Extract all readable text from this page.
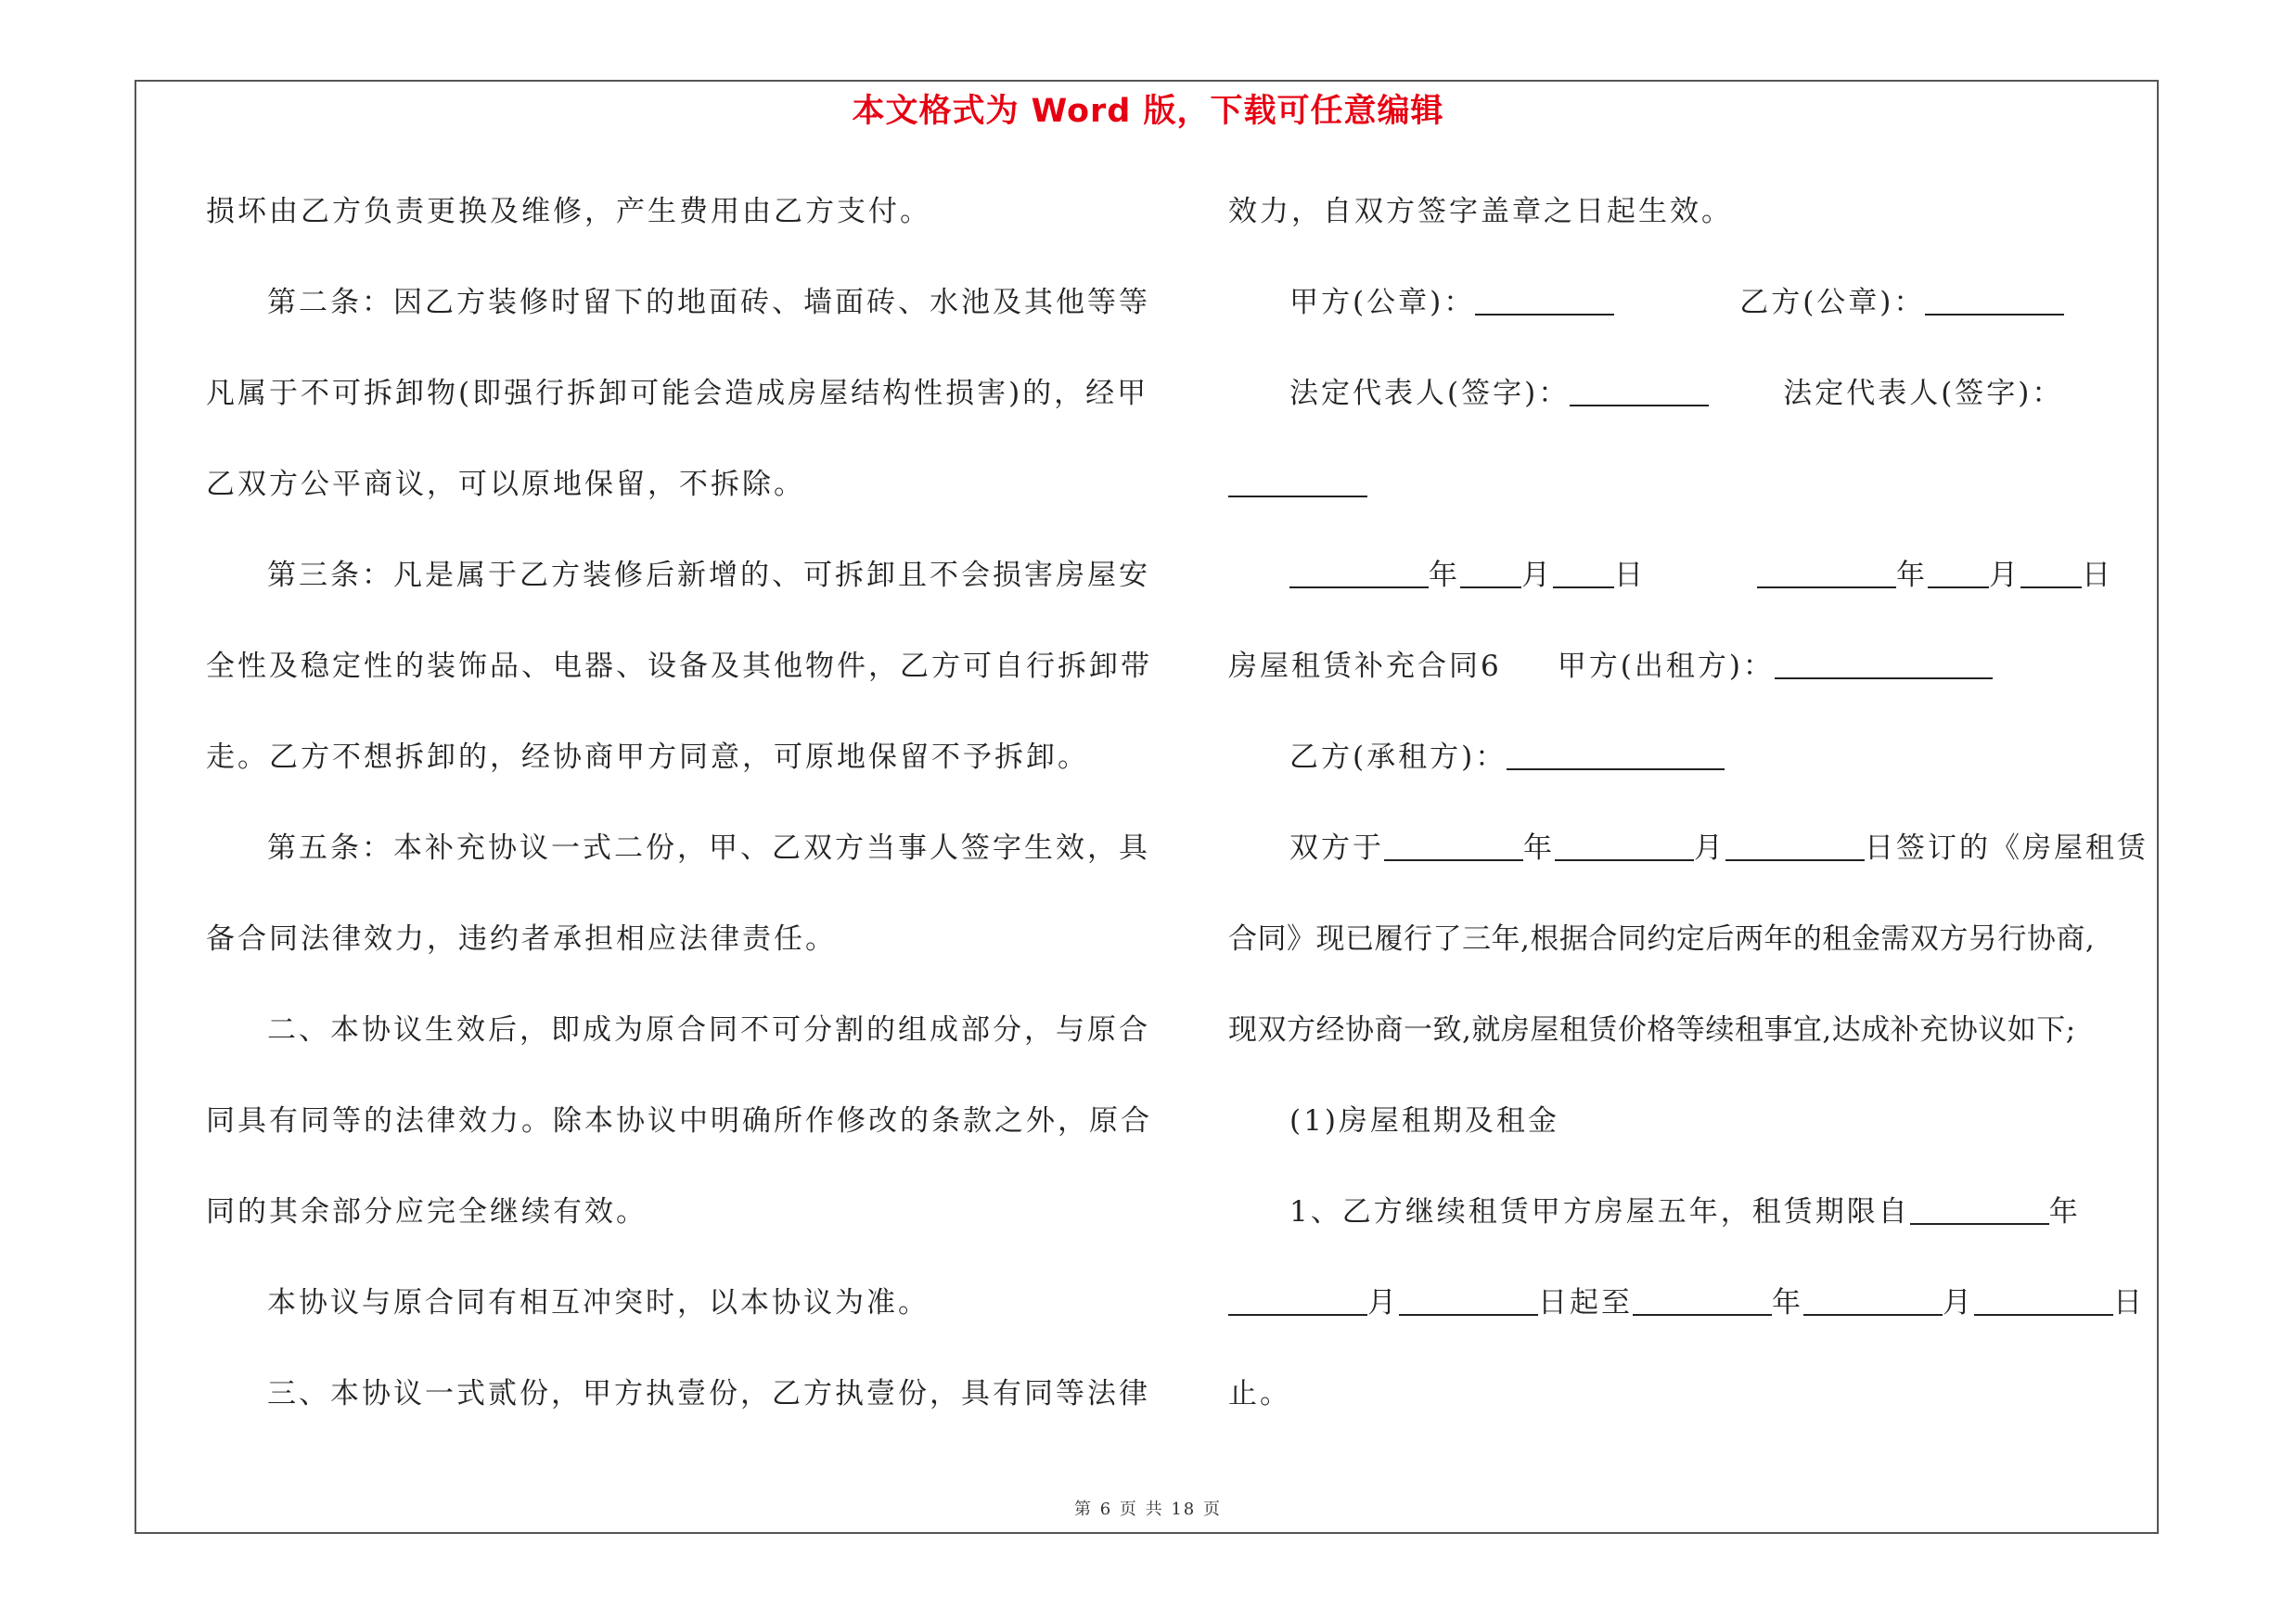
本文格式为 Word 版，下载可任意编辑
损坏由乙方负责更换及维修，产生费用由乙方支付。
第二条：因乙方装修时留下的地面砖、墙面砖、水池及其他等等
凡属于不可拆卸物(即强行拆卸可能会造成房屋结构性损害)的，经甲
乙双方公平商议，可以原地保留，不拆除。
第三条：凡是属于乙方装修后新增的、可拆卸且不会损害房屋安
全性及稳定性的装饰品、电器、设备及其他物件，乙方可自行拆卸带
走。乙方不想拆卸的，经协商甲方同意，可原地保留不予拆卸。
第五条：本补充协议一式二份，甲、乙双方当事人签字生效，具
备合同法律效力，违约者承担相应法律责任。
二、本协议生效后，即成为原合同不可分割的组成部分，与原合
同具有同等的法律效力。除本协议中明确所作修改的条款之外，原合
同的其余部分应完全继续有效。
本协议与原合同有相互冲突时，以本协议为准。
三、本协议一式贰份，甲方执壹份，乙方执壹份，具有同等法律
效力，自双方签字盖章之日起生效。
甲方(公章)：	乙方(公章)：
法定代表人(签字)：	法定代表人(签字)：
年 月 日	年 月 日
房屋租赁补充合同6 甲方(出租方)：
乙方(承租方)：
双方于	年	月	日签订的《房屋租赁
合同》现已履行了三年,根据合同约定后两年的租金需双方另行协商,
现双方经协商一致,就房屋租赁价格等续租事宜,达成补充协议如下;
(1)房屋租期及租金
1、乙方继续租赁甲方房屋五年，租赁期限自	年
月	日起至	年	月	日
止。
第 6 页 共 18 页
